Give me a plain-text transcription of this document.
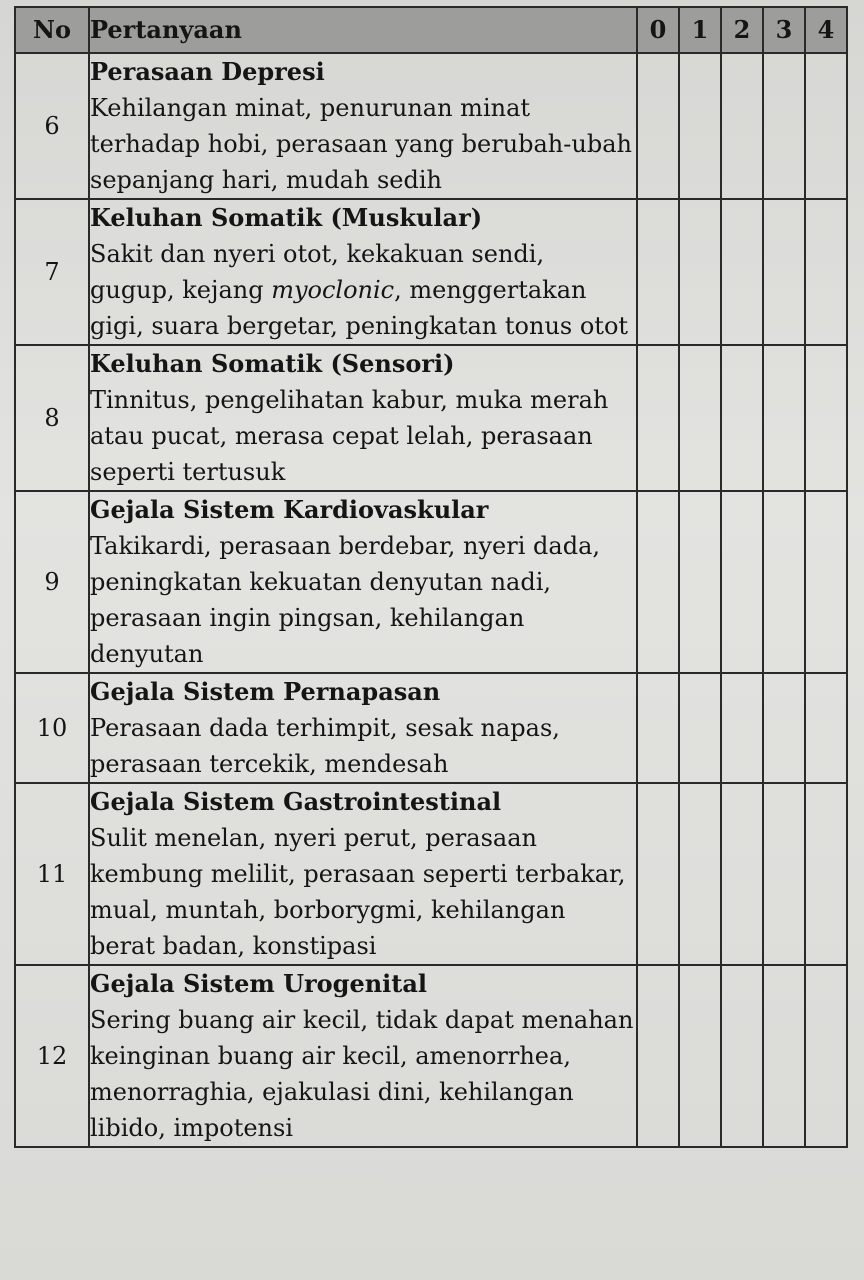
No	Pertanyaan	0	1	2	3	4
6	Perasaan Depresi
Kehilangan minat, penurunan minat terhadap hobi, perasaan yang berubah-ubah sepanjang hari, mudah sedih					

7	Keluhan Somatik (Muskular)
Sakit dan nyeri otot, kekakuan sendi, gugup, kejang myoclonic, menggertakan gigi, suara bergetar, peningkatan tonus otot					

8	Keluhan Somatik (Sensori)
Tinnitus, pengelihatan kabur, muka merah atau pucat, merasa cepat lelah, perasaan seperti tertusuk					

9	Gejala Sistem Kardiovaskular
Takikardi, perasaan berdebar, nyeri dada, peningkatan kekuatan denyutan nadi, perasaan ingin pingsan, kehilangan denyutan					

10	Gejala Sistem Pernapasan
Perasaan dada terhimpit, sesak napas, perasaan tercekik, mendesah					

11	Gejala Sistem Gastrointestinal
Sulit menelan, nyeri perut, perasaan kembung melilit, perasaan seperti terbakar, mual, muntah, borborygmi, kehilangan berat badan, konstipasi					

12	Gejala Sistem Urogenital
Sering buang air kecil, tidak dapat menahan keinginan buang air kecil, amenorrhea, menorraghia, ejakulasi dini, kehilangan libido, impotensi					
